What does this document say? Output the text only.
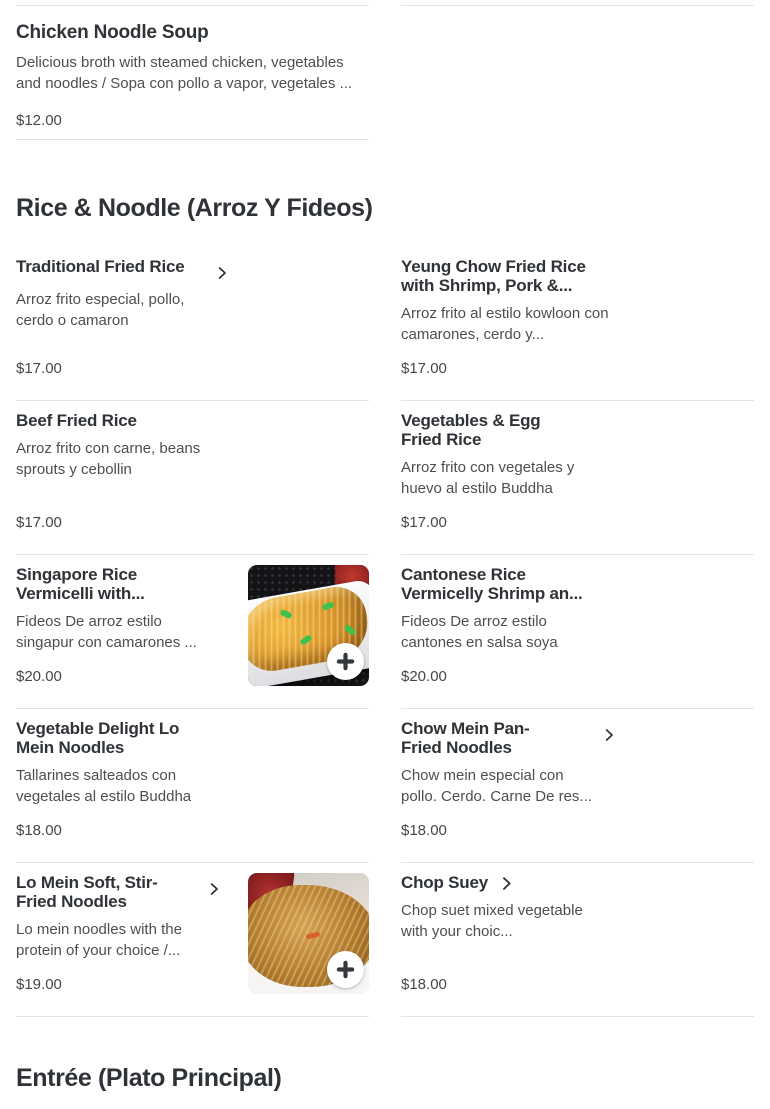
Chicken Noodle Soup

Delicious broth with steamed chicken, vegetables and noodles / Sopa con pollo a vapor, vegetales ...

$12.00
Rice & Noodle (Arroz Y Fideos)
Traditional Fried Rice

Arroz frito especial, pollo, cerdo o camaron

$17.00
Yeung Chow Fried Rice with Shrimp, Pork &...

Arroz frito al estilo kowloon con camarones, cerdo y...

$17.00
Beef Fried Rice

Arroz frito con carne, beans sprouts y cebollin

$17.00
Vegetables & Egg Fried Rice

Arroz frito con vegetales y huevo al estilo Buddha

$17.00
Singapore Rice Vermicelli with...

Fideos De arroz estilo singapur con camarones ...

$20.00
Cantonese Rice Vermicelly Shrimp an...

Fideos De arroz estilo cantones en salsa soya

$20.00
Vegetable Delight Lo Mein Noodles

Tallarines salteados con vegetales al estilo Buddha

$18.00
Chow Mein Pan-Fried Noodles

Chow mein especial con pollo. Cerdo. Carne De res...

$18.00
Lo Mein Soft, Stir-Fried Noodles

Lo mein noodles with the protein of your choice /...

$19.00
Chop Suey

Chop suet mixed vegetable with your choic...

$18.00
Entrée (Plato Principal)
